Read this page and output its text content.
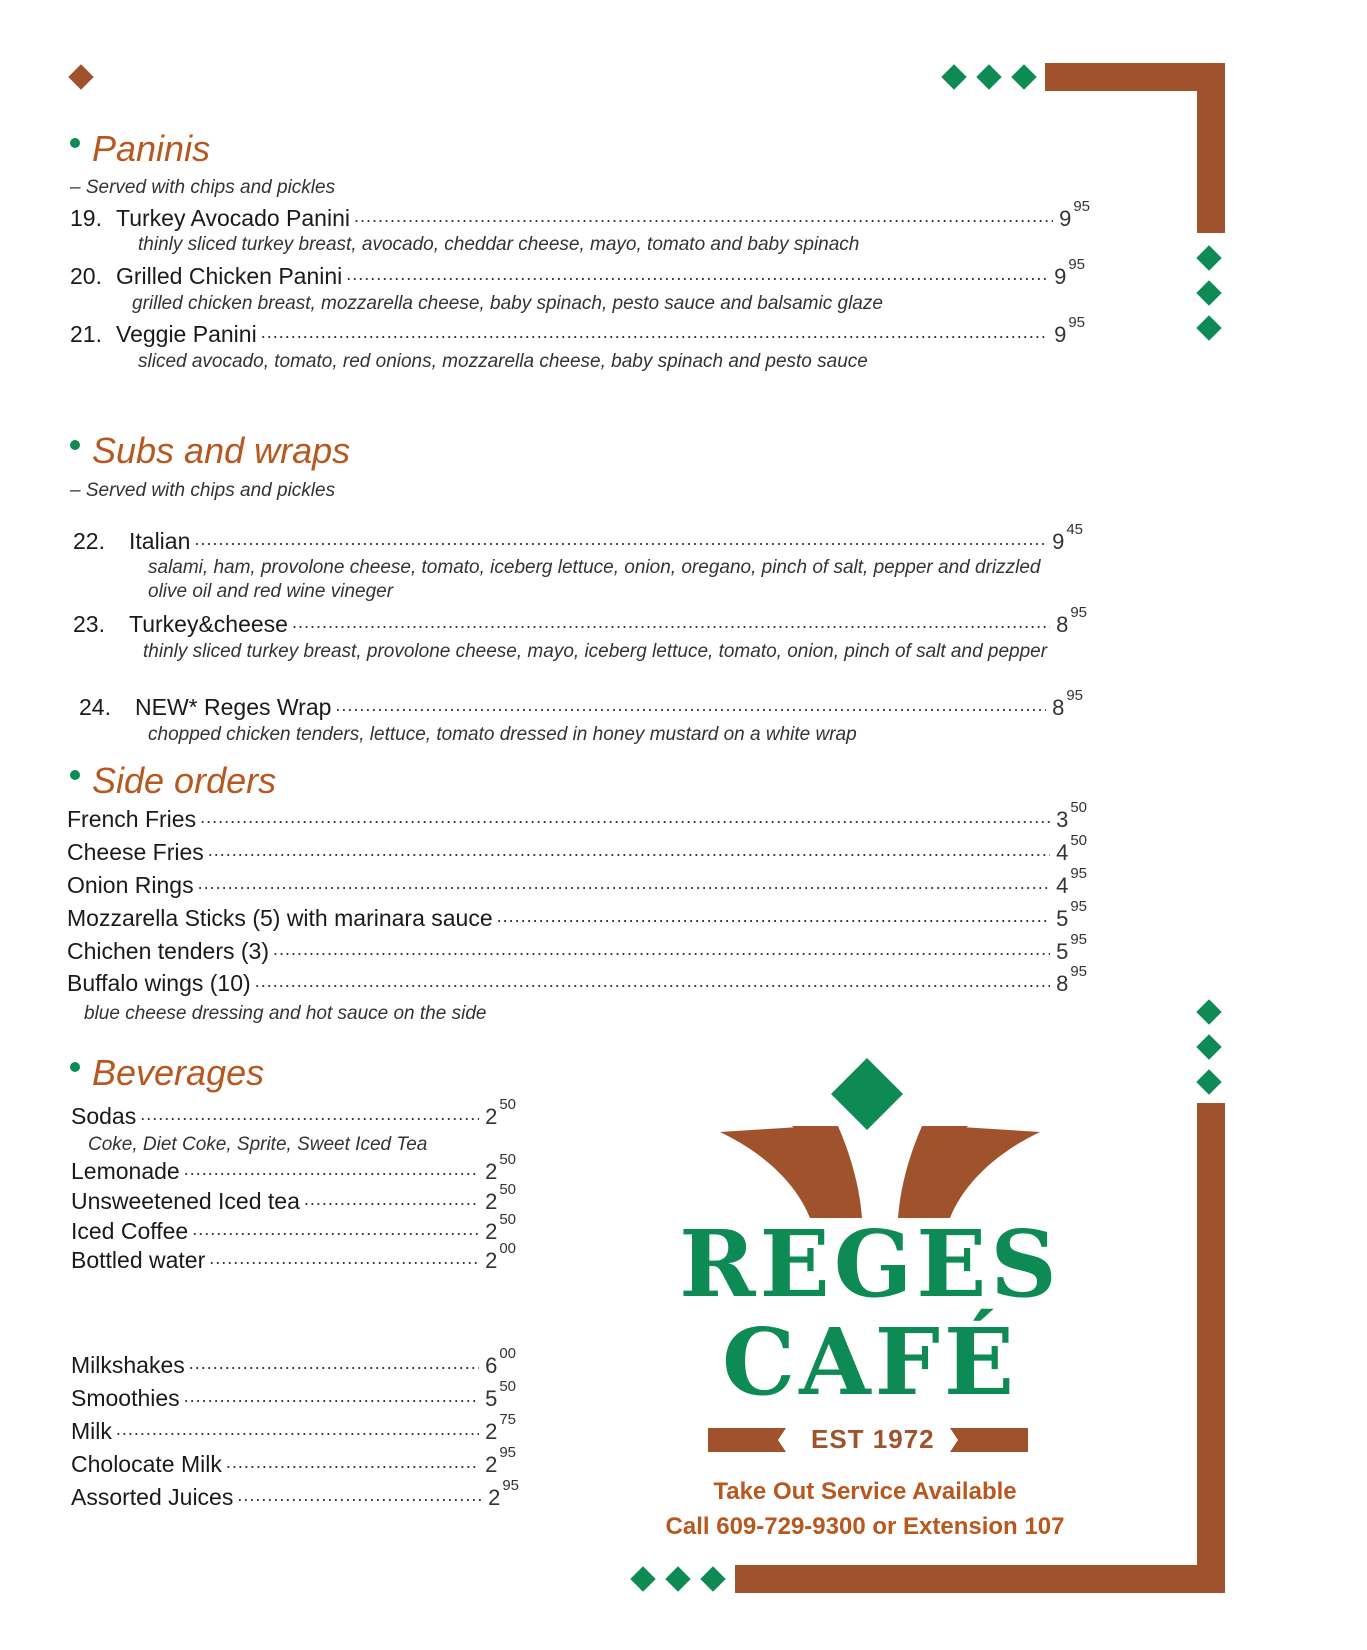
Paninis
– Served with chips and pickles
19. Turkey Avocado Panini .....	9 $^{95}$
thinly sliced turkey breast, avocado, cheddar cheese, mayo, tomato and baby spinach
20. Grilled Chicken Panini .....	9 $^{95}$
grilled chicken breast, mozzarella cheese, baby spinach, pesto sauce and balsamic glaze
21. Veggie Panini .....	9 $^{95}$
sliced avocado, tomato, red onions, mozzarella cheese, baby spinach and pesto sauce
Subs and wraps
– Served with chips and pickles
22.	Italian .....	9 $^{45}$
salami, ham, provolone cheese, tomato, iceberg lettuce, onion, oregano, pinch of salt, pepper and drizzled olive oil and red wine vineger
23.	Turkey&cheese .....	8 $^{95}$
thinly sliced turkey breast, provolone cheese, mayo, iceberg lettuce, tomato, onion, pinch of salt and pepper
24.	NEW* Reges Wrap .....	8 $^{95}$
chopped chicken tenders, lettuce, tomato dressed in honey mustard on a white wrap
Side orders
French Fries .....	3 $^{50}$
Cheese Fries .....	4 $^{50}$
Onion Rings .....	4 $^{95}$
Mozzarella Sticks (5) with marinara sauce .....	5 $^{95}$
Chichen tenders (3) .....	5 $^{95}$
Buffalo wings (10) .....	8 $^{95}$
blue cheese dressing and hot sauce on the side
Beverages
Sodas .....	2 $^{50}$
Coke, Diet Coke, Sprite, Sweet Iced Tea
Lemonade .....	2 $^{50}$
Unsweetened Iced tea .....	2 $^{50}$
Iced Coffee .....	2 $^{50}$
Bottled water .....	2 $^{00}$
Milkshakes .....	6 $^{00}$
Smoothies .....	5 $^{50}$
Milk .....	2 $^{75}$
Cholocate Milk .....	2 $^{95}$
Assorted Juices .....	2 $^{95}$
REGES
CAFÉ
EST 1972
Take Out Service Available
Call 609-729-9300 or Extension 107
